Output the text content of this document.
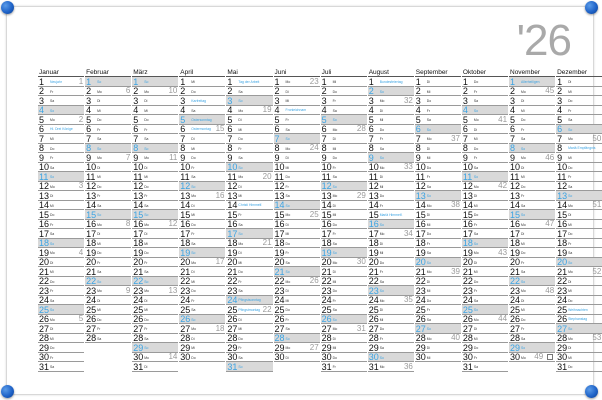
'26
Januar
1 Neujahr 1
2 Fr
3 Sa
4 So
5 Mo	2
6 Hl. Drei Könige
7 Mi
8 Do
9 Fr
10 Sa
11 So
12 Mo	3
13 Di
14 Mi
15 Do
16 Fr
17 Sa
18 So
19 Mo	4
20 Di
21 Mi
22 Do
23 Fr
24 Sa
25 So
26 Mo	5
27 Di
28 Mi
29 Do
30 Fr
31 Sa
Februar
1 So
2 Mo	6
3 Di
4 Mi
5 Do
6 Fr
7 Sa
8 So
9 Mo	7
10 Di
11 Mi
12 Do
13 Fr
14 Sa
15 So
16 Mo	8
17 Di
18 Mi
19 Do
20 Fr
21 Sa
22 So
23 Mo	9
24 Di
25 Mi
26 Do
27 Fr
28 Sa
März
1 So
2 Mo 10
3 Di
4 Mi
5 Do
6 Fr
7 Sa
8 So
9 Mo	11
10 Di
11 Mi
12 Do
13 Fr
14 Sa
15 So
16 Mo 12
17 Di
18 Mi
19 Do
20 Fr
21 Sa
22 So
23 Mo 13
24 Di
25 Mi
26 Do
27 Fr
28 Sa
29 So
30 Mo 14
31 Di
April
1 Mi
2 Do
3 Karfreitag
4 Sa
5 Ostersonntag
6 Ostermontag 15
7 Di
8 Mi
9 Do
10 Fr
11 Sa
12 So
13 Mo 16
14 Di
15 Mi
16 Do
17 Fr
18 Sa
19 So
20 Mo 17
21 Di
22 Mi
23 Do
24 Fr
25 Sa
26 So
27 Mo 18
28 Di
29 Mi
30 Do
Mai
1 Tag der Arbeit
2 Sa
3 So
4 Mo 19
5 Di
6 Mi
7 Do
8 Fr
9 Sa
10 So
11 Mo 20
12 Di
13 Mi
14 Christi Himmelf.
15 Fr
16 Sa
17 So
18 Mo 21
19 Di
20 Mi
21 Do
22 Fr
23 Sa
24 Pfingstsonntag
25 Pfingstmontag 22
26 Di
27 Mi
28 Do
29 Fr
30 Sa
31 So
Juni
1 Mo 23
2 Di
3 Mi
4 Fronleichnam
5 Fr
6 Sa
7 So
8 Mo 24
9 Di
10 Mi
11 Do
12 Fr
13 Sa
14 So
15 Mo 25
16 Di
17 Mi
18 Do
19 Fr
20 Sa
21 So
22 Mo 26
23 Di
24 Mi
25 Do
26 Fr
27 Sa
28 So
29 Mo 27
30 Di
Juli
1 Mi
2 Do
3 Fr
4 Sa
5 So
6 Mo 28
7 Di
8 Mi
9 Do
10 Fr
11 Sa
12 So
13 Mo 29
14 Di
15 Mi
16 Do
17 Fr
18 Sa
19 So
20 Mo 30
21 Di
22 Mi
23 Do
24 Fr
25 Sa
26 So
27 Mo 31
28 Di
29 Mi
30 Do
31 Fr
August
1 Bundesfeiertag
2 So
3 Mo 32
4 Di
5 Mi
6 Do
7 Fr
8 Sa
9 So
10 Mo 33
11 Di
12 Mi
13 Do
14 Fr
15 Mariä Himmelf.
16 So
17 Mo 34
18 Di
19 Mi
20 Do
21 Fr
22 Sa
23 So
24 Mo 35
25 Di
26 Mi
27 Do
28 Fr
29 Sa
30 So
31 Mo 36
September
1 Di
2 Mi
3 Do
4 Fr
5 Sa
6 So
7 Mo 37
8 Di
9 Mi
10 Do
11 Fr
12 Sa
13 So
14 Mo 38
15 Di
16 Mi
17 Do
18 Fr
19 Sa
20 So
21 Mo 39
22 Di
23 Mi
24 Do
25 Fr
26 Sa
27 So
28 Mo 40
29 Di
30 Mi
Oktober
1 Do
2 Fr
3 Sa
4 So
5 Mo 41
6 Di
7 Mi
8 Do
9 Fr
10 Sa
11 So
12 Mo 42
13 Di
14 Mi
15 Do
16 Fr
17 Sa
18 So
19 Mo 43
20 Di
21 Mi
22 Do
23 Fr
24 Sa
25 So
26 Mo 44
27 Di
28 Mi
29 Do
30 Fr
31 Sa
November
1 Allerheiligen
2 Mo 45
3 Di
4 Mi
5 Do
6 Fr
7 Sa
8 So
9 Mo 46
10 Di
11 Mi
12 Do
13 Fr
14 Sa
15 So
16 Mo 47
17 Di
18 Mi
19 Do
20 Fr
21 Sa
22 So
23 Mo 48
24 Di
25 Mi
26 Do
27 Fr
28 Sa
29 So
30 Mo 49
Dezember
1 Di
2 Mi
3 Do
4 Fr
5 Sa
6 So
7 Mo 50
8 Mariä Empfängnis
9 Mi
10 Do
11 Fr
12 Sa
13 So
14 Mo 51
15 Di
16 Mi
17 Do
18 Fr
19 Sa
20 So
21 Mo 52
22 Di
23 Mi
24 Do
25 Weihnachten
26 Stephanstag
27 So
28 Mo 53
29 Di
30 Mi
31 Do
